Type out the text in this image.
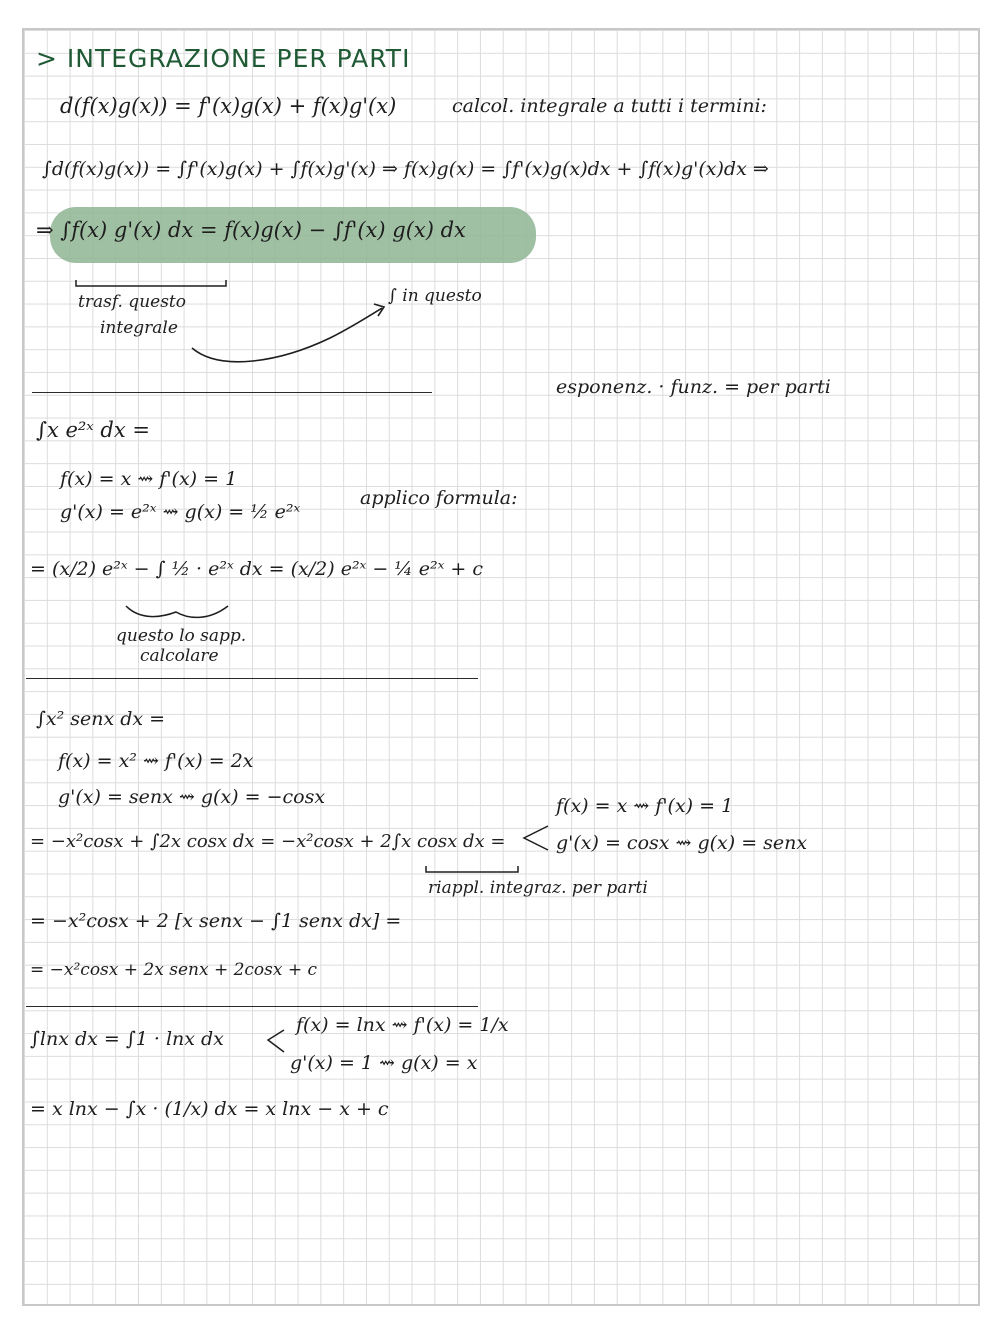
> INTEGRAZIONE PER PARTI
d(f(x)g(x)) = f'(x)g(x) + f(x)g'(x)	calcol. integrale a tutti i termini:
∫d(f(x)g(x)) = ∫f'(x)g(x) + ∫f(x)g'(x) ⇒ f(x)g(x) = ∫f'(x)g(x)dx + ∫f(x)g'(x)dx ⇒
⇒ ∫f(x) g'(x) dx = f(x)g(x) − ∫f'(x) g(x) dx
trasf. questo
integrale
∫ in questo
esponenz. · funz. = per parti
∫x e²ˣ dx =
f(x) = x ⇝ f'(x) = 1
g'(x) = e²ˣ ⇝ g(x) = ½ e²ˣ
applico formula:
= (x/2) e²ˣ − ∫ ½ · e²ˣ dx = (x/2) e²ˣ − ¼ e²ˣ + c
questo lo sapp.
calcolare
∫x² senx dx =
f(x) = x² ⇝ f'(x) = 2x
g'(x) = senx ⇝ g(x) = −cosx
= −x²cosx + ∫2x cosx dx = −x²cosx + 2∫x cosx dx =
f(x) = x ⇝ f'(x) = 1
g'(x) = cosx ⇝ g(x) = senx
riappl. integraz. per parti
= −x²cosx + 2 [x senx − ∫1 senx dx] =
= −x²cosx + 2x senx + 2cosx + c
∫lnx dx = ∫1 · lnx dx
f(x) = lnx ⇝ f'(x) = 1/x
g'(x) = 1 ⇝ g(x) = x
= x lnx − ∫x · (1/x) dx = x lnx − x + c
